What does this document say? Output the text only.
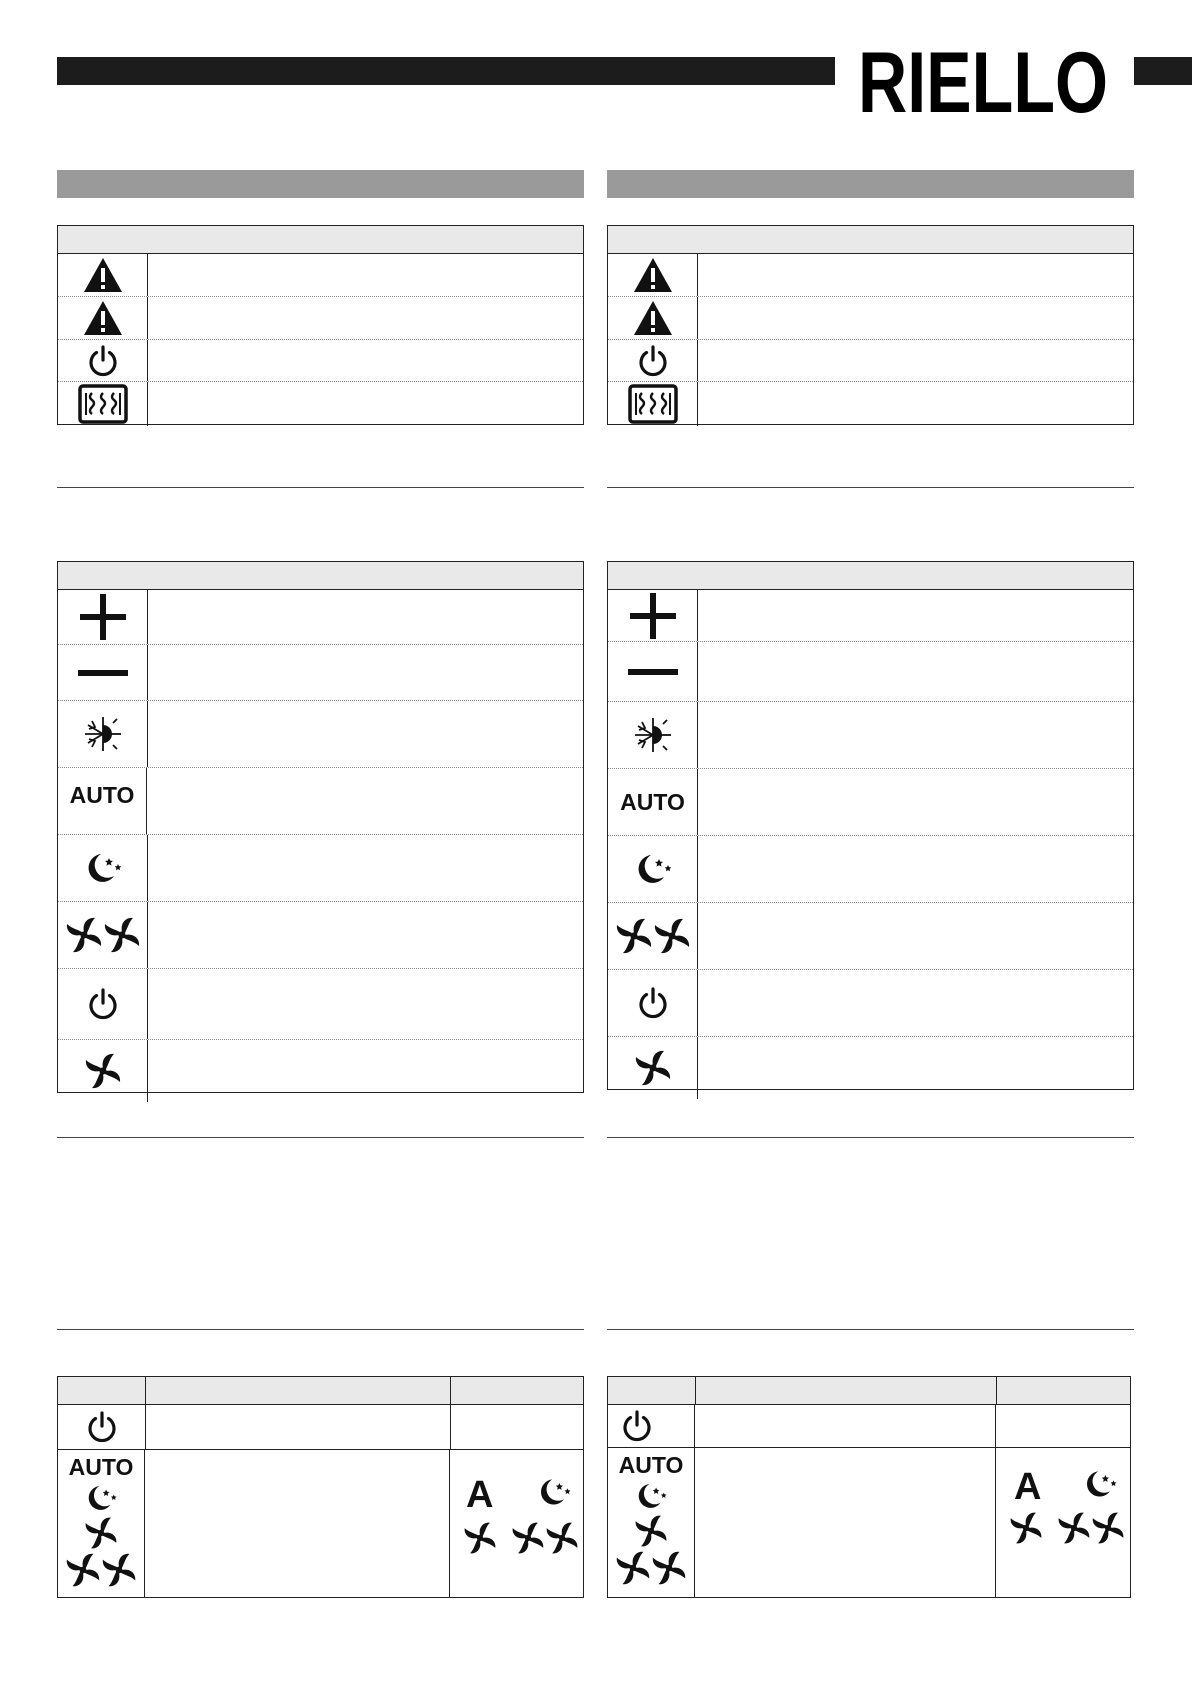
RIELLO
AUTO
AUTO
A
AUTO
AUTO
A
